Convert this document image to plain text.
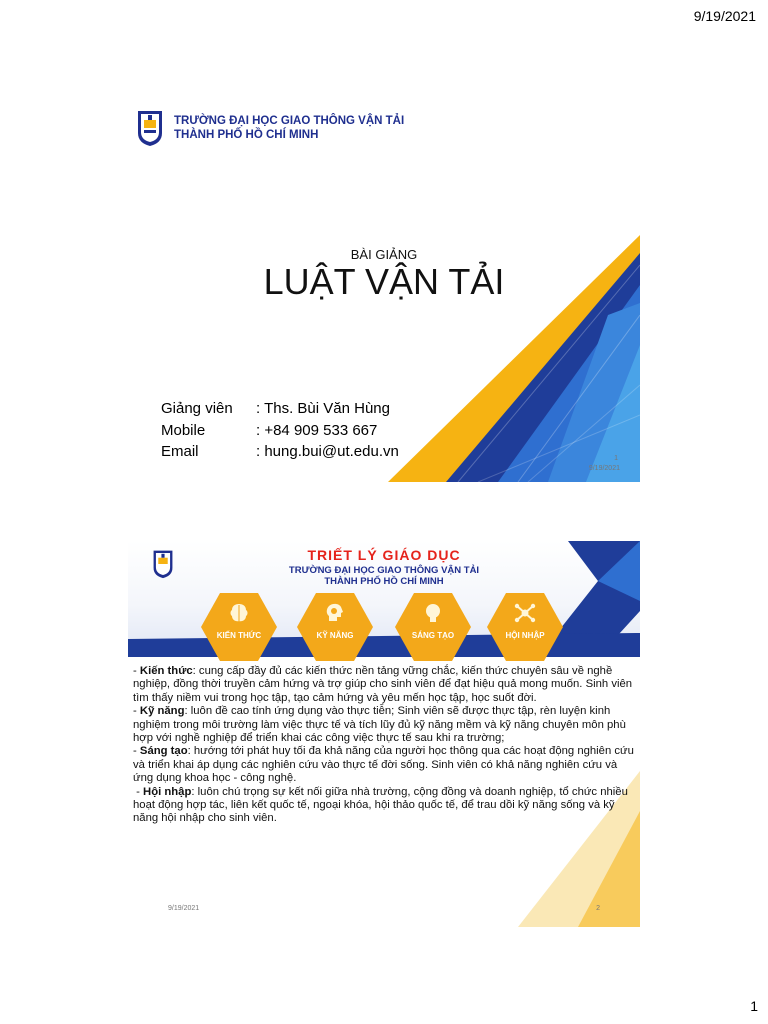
9/19/2021
TRƯỜNG ĐẠI HỌC GIAO THÔNG VẬN TẢI
THÀNH PHỐ HỒ CHÍ MINH
BÀI GIẢNG
LUẬT VẬN TẢI
Giảng viên	: Ths. Bùi Văn Hùng
Mobile	: +84 909 533 667
Email	: hung.bui@ut.edu.vn	1
9/19/2021
TRIẾT LÝ GIÁO DỤC
TRƯỜNG ĐẠI HỌC GIAO THÔNG VẬN TẢI
THÀNH PHỐ HỒ CHÍ MINH
KIẾN THỨC	KỸ NĂNG	SÁNG TẠO	HỘI NHẬP

- Kiến thức: cung cấp đầy đủ các kiến thức nền tảng vững chắc, kiến thức chuyên sâu về nghề nghiệp, đồng thời truyền cảm hứng và trợ giúp cho sinh viên để đạt hiệu quả mong muốn. Sinh viên tìm thấy niềm vui trong học tập, tạo cảm hứng và yêu mến học tập, học suốt đời.

- Kỹ năng: luôn đề cao tính ứng dụng vào thực tiễn; Sinh viên sẽ được thực tập, rèn luyện kinh nghiệm trong môi trường làm việc thực tế và tích lũy đủ kỹ năng mềm và kỹ năng chuyên môn phù hợp với nghề nghiệp để triển khai các công việc thực tế sau khi ra trường;

- Sáng tạo: hướng tới phát huy tối đa khả năng của người học thông qua các hoạt động nghiên cứu và triển khai áp dụng các nghiên cứu vào thực tế đời sống. Sinh viên có khả năng nghiên cứu và ứng dụng khoa học - công nghệ.

- Hội nhập: luôn chú trọng sự kết nối giữa nhà trường, cộng đồng và doanh nghiệp, tổ chức nhiều hoạt động hợp tác, liên kết quốc tế, ngoại khóa, hội thảo quốc tế, để trau dồi kỹ năng sống và kỹ năng hội nhập cho sinh viên.

9/19/2021	2
1
